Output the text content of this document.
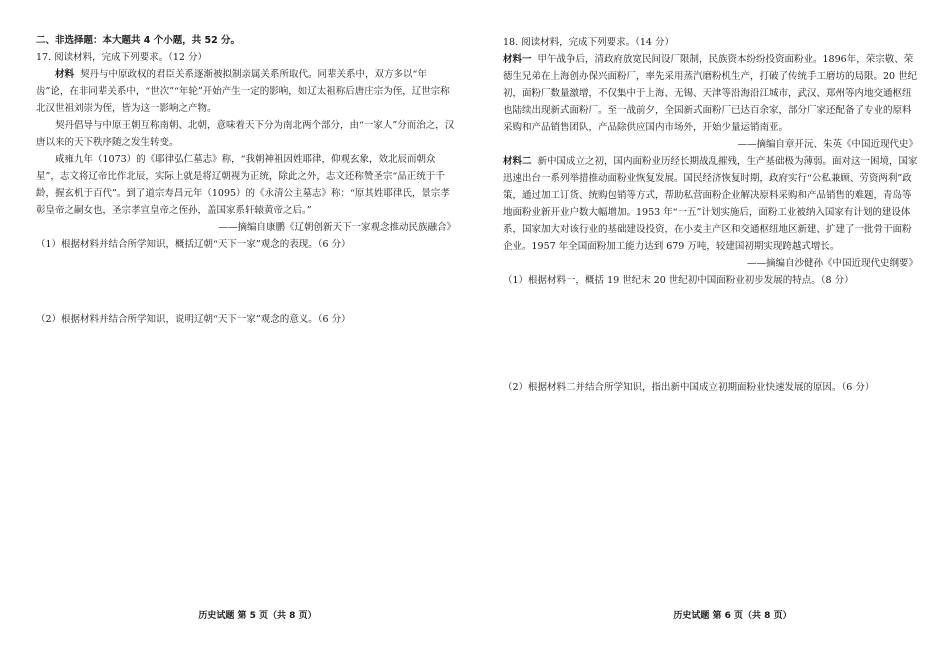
二、非选择题：本大题共 4 个小题，共 52 分。

17. 阅读材料，完成下列要求。（12 分）

材料 契丹与中原政权的君臣关系逐渐被拟制亲属关系所取代。同辈关系中，双方多以“年齿”论，在非同辈关系中，“世次”“年轮”开始产生一定的影响，如辽太祖称后唐庄宗为侄，辽世宗称北汉世祖刘崇为侄，皆为这一影响之产物。

契丹倡导与中原王朝互称南朝、北朝，意味着天下分为南北两个部分，由“一家人”分而治之，汉唐以来的天下秩序随之发生转变。

咸雍九年（1073）的《耶律弘仁墓志》称，“我朝神祖因姓耶律，仰观玄象，效北辰而朝众星”，志文将辽帝比作北辰，实际上就是将辽朝视为正统，除此之外，志文还称赞圣宗“品正统于千龄，握玄机于百代”。到了道宗寿昌元年（1095）的《永清公主墓志》称：“原其姓耶律氏，景宗孝彰皇帝之嗣女也，圣宗孝宣皇帝之侄孙，盖国家系轩辕黄帝之后。”

——摘编自康鹏《辽朝创新天下一家观念推动民族融合》

（1）根据材料并结合所学知识，概括辽朝“天下一家”观念的表现。（6 分）

（2）根据材料并结合所学知识，说明辽朝“天下一家”观念的意义。（6 分）

历史试题 第 5 页（共 8 页）

18. 阅读材料，完成下列要求。（14 分）

材料一 甲午战争后，清政府放宽民间设厂限制，民族资本纷纷投资面粉业。1896年，荣宗敬、荣德生兄弟在上海创办保兴面粉厂，率先采用蒸汽磨粉机生产，打破了传统手工磨坊的局限。20 世纪初，面粉厂数量激增，不仅集中于上海、无锡、天津等沿海沿江城市，武汉、郑州等内地交通枢纽也陆续出现新式面粉厂。至一战前夕，全国新式面粉厂已达百余家，部分厂家还配备了专业的原料采购和产品销售团队，产品除供应国内市场外，开始少量运销南亚。

——摘编自章开沅、朱英《中国近现代史》

材料二 新中国成立之初，国内面粉业历经长期战乱摧残，生产基础极为薄弱。面对这一困境，国家迅速出台一系列举措推动面粉业恢复发展。国民经济恢复时期，政府实行“公私兼顾、劳资两利”政策，通过加工订货、统购包销等方式，帮助私营面粉企业解决原料采购和产品销售的难题，青岛等地面粉业新开业户数大幅增加。1953 年“一五”计划实施后，面粉工业被纳入国家有计划的建设体系，国家加大对该行业的基础建设投资，在小麦主产区和交通枢纽地区新建、扩建了一批骨干面粉企业。1957 年全国面粉加工能力达到 679 万吨，较建国初期实现跨越式增长。

——摘编自沙健孙《中国近现代史纲要》

（1）根据材料一，概括 19 世纪末 20 世纪初中国面粉业初步发展的特点。（8 分）

（2）根据材料二并结合所学知识，指出新中国成立初期面粉业快速发展的原因。（6 分）

历史试题 第 6 页（共 8 页）
